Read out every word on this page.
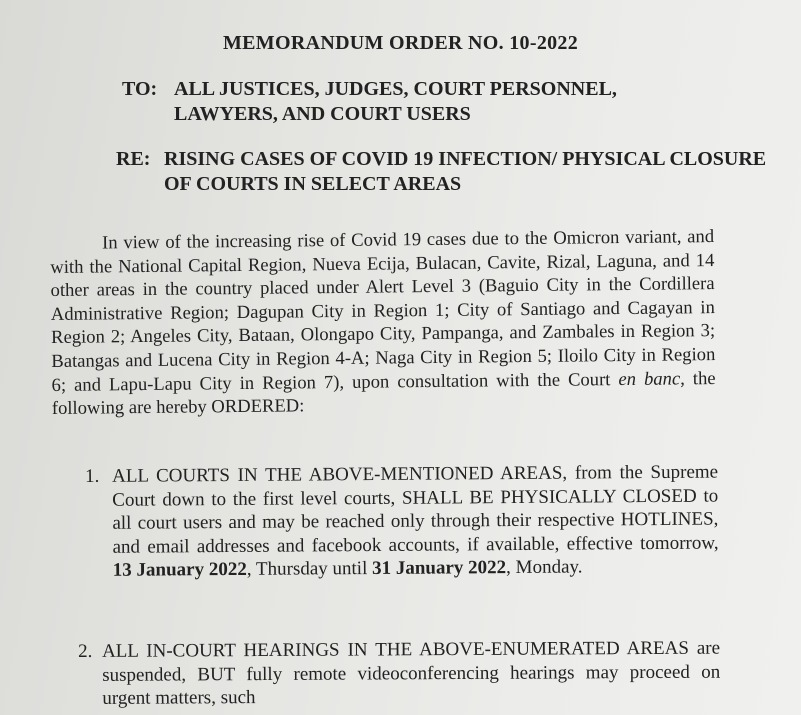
MEMORANDUM ORDER NO. 10-2022
TO: ALL JUSTICES, JUDGES, COURT PERSONNEL, LAWYERS, AND COURT USERS
RE: RISING CASES OF COVID 19 INFECTION/ PHYSICAL CLOSURE OF COURTS IN SELECT AREAS

In view of the increasing rise of Covid 19 cases due to the Omicron variant, and with the National Capital Region, Nueva Ecija, Bulacan, Cavite, Rizal, Laguna, and 14 other areas in the country placed under Alert Level 3 (Baguio City in the Cordillera Administrative Region; Dagupan City in Region 1; City of Santiago and Cagayan in Region 2; Angeles City, Bataan, Olongapo City, Pampanga, and Zambales in Region 3; Batangas and Lucena City in Region 4-A; Naga City in Region 5; Iloilo City in Region 6; and Lapu-Lapu City in Region 7), upon consultation with the Court en banc, the following are hereby ORDERED:

1. ALL COURTS IN THE ABOVE-MENTIONED AREAS, from the Supreme Court down to the first level courts, SHALL BE PHYSICALLY CLOSED to all court users and may be reached only through their respective HOTLINES, and email addresses and facebook accounts, if available, effective tomorrow, 13 January 2022, Thursday until 31 January 2022, Monday.
2. ALL IN-COURT HEARINGS IN THE ABOVE-ENUMERATED AREAS are suspended, BUT fully remote videoconferencing hearings may proceed on urgent matters, such
